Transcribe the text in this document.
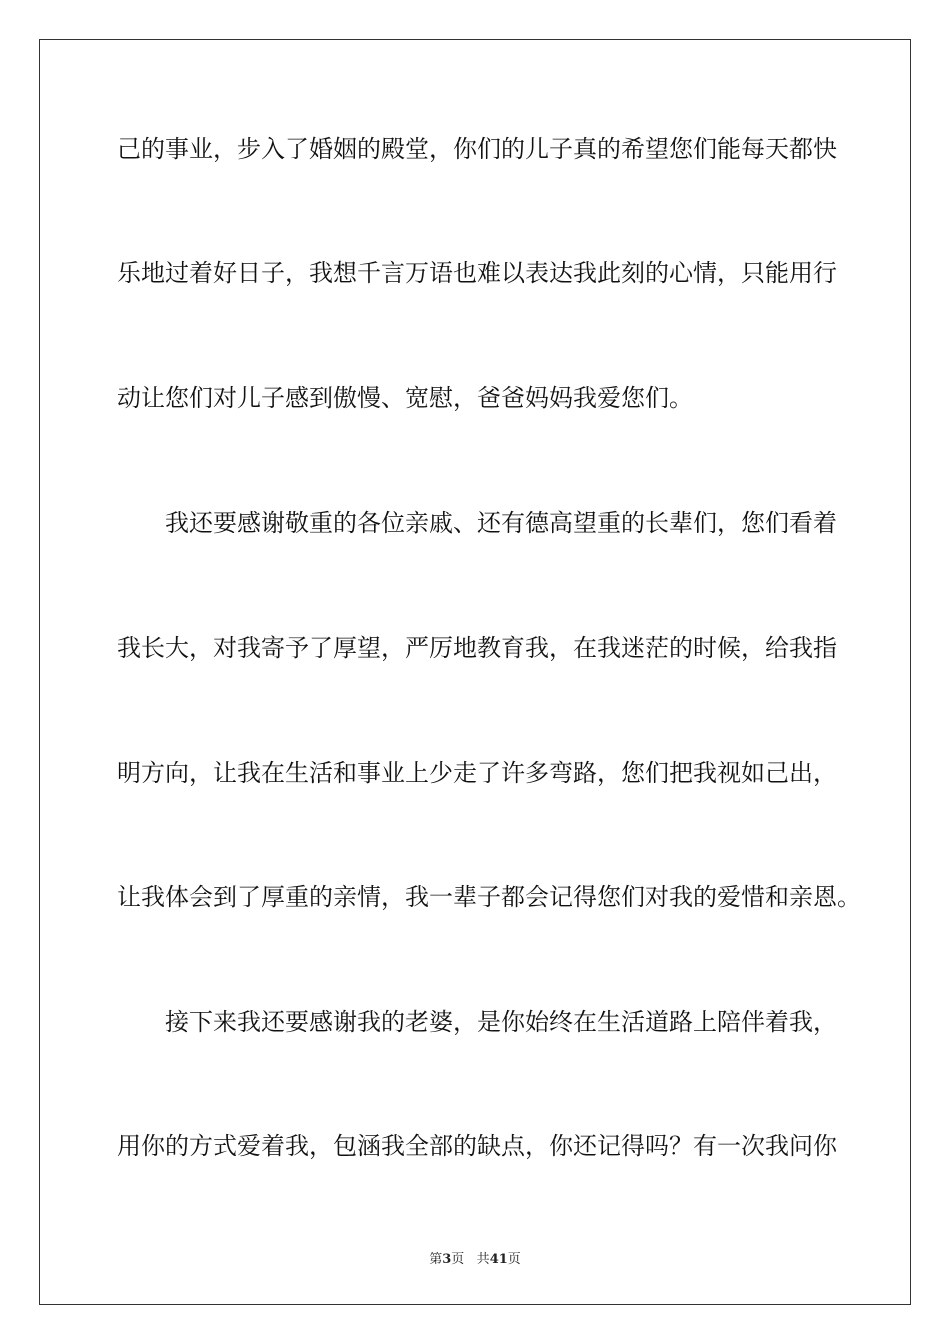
己的事业，步入了婚姻的殿堂，你们的儿子真的希望您们能每天都快
乐地过着好日子，我想千言万语也难以表达我此刻的心情，只能用行
动让您们对儿子感到傲慢、宽慰，爸爸妈妈我爱您们。
我还要感谢敬重的各位亲戚、还有德高望重的长辈们，您们看着
我长大，对我寄予了厚望，严厉地教育我，在我迷茫的时候，给我指
明方向，让我在生活和事业上少走了许多弯路，您们把我视如己出，
让我体会到了厚重的亲情，我一辈子都会记得您们对我的爱惜和亲恩。
接下来我还要感谢我的老婆，是你始终在生活道路上陪伴着我，
用你的方式爱着我，包涵我全部的缺点，你还记得吗？有一次我问你
第3页 共41页
